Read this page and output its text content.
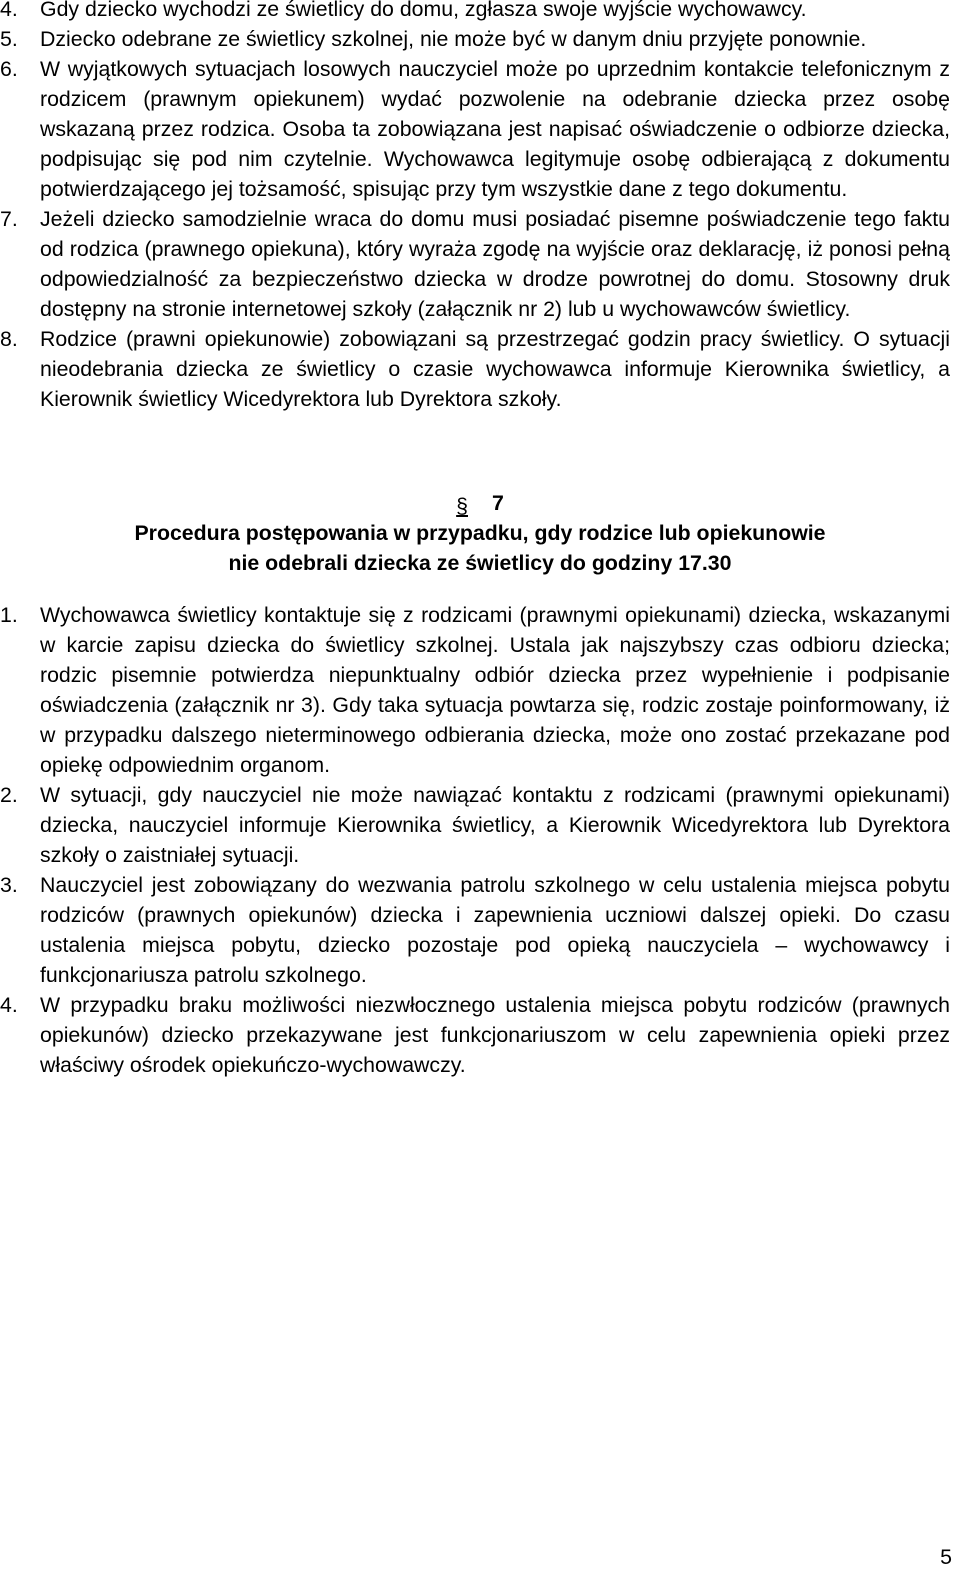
4.	Gdy dziecko wychodzi ze świetlicy do domu, zgłasza swoje wyjście wychowawcy.
5.	Dziecko odebrane ze świetlicy szkolnej, nie może być w danym dniu przyjęte ponownie.
6.	W wyjątkowych sytuacjach losowych nauczyciel może po uprzednim kontakcie telefonicznym z rodzicem (prawnym opiekunem) wydać pozwolenie na odebranie dziecka przez osobę wskazaną przez rodzica. Osoba ta zobowiązana jest napisać oświadczenie o odbiorze dziecka, podpisując się pod nim czytelnie. Wychowawca legitymuje osobę odbierającą z dokumentu potwierdzającego jej tożsamość, spisując przy tym wszystkie dane z tego dokumentu.
7.	Jeżeli dziecko samodzielnie wraca do domu musi posiadać pisemne poświadczenie tego faktu od rodzica (prawnego opiekuna), który wyraża zgodę na wyjście oraz deklarację, iż ponosi pełną odpowiedzialność za bezpieczeństwo dziecka w drodze powrotnej do domu. Stosowny druk dostępny na stronie internetowej szkoły (załącznik nr 2) lub u wychowawców świetlicy.
8.	Rodzice (prawni opiekunowie) zobowiązani są przestrzegać godzin pracy świetlicy. O sytuacji nieodebrania dziecka ze świetlicy o czasie wychowawca informuje Kierownika świetlicy, a Kierownik świetlicy Wicedyrektora lub Dyrektora szkoły.
§ 7
Procedura postępowania w przypadku, gdy rodzice lub opiekunowie
nie odebrali dziecka ze świetlicy do godziny 17.30
1.	Wychowawca świetlicy kontaktuje się z rodzicami (prawnymi opiekunami) dziecka, wskazanymi w karcie zapisu dziecka do świetlicy szkolnej. Ustala jak najszybszy czas odbioru dziecka; rodzic pisemnie potwierdza niepunktualny odbiór dziecka przez wypełnienie i podpisanie oświadczenia (załącznik nr 3). Gdy taka sytuacja powtarza się, rodzic zostaje poinformowany, iż w przypadku dalszego nieterminowego odbierania dziecka, może ono zostać przekazane pod opiekę odpowiednim organom.
2.	W sytuacji, gdy nauczyciel nie może nawiązać kontaktu z rodzicami (prawnymi opiekunami) dziecka, nauczyciel informuje Kierownika świetlicy, a Kierownik Wicedyrektora lub Dyrektora szkoły o zaistniałej sytuacji.
3.	Nauczyciel jest zobowiązany do wezwania patrolu szkolnego w celu ustalenia miejsca pobytu rodziców (prawnych opiekunów) dziecka i zapewnienia uczniowi dalszej opieki. Do czasu ustalenia miejsca pobytu, dziecko pozostaje pod opieką nauczyciela – wychowawcy i funkcjonariusza patrolu szkolnego.
4.	W przypadku braku możliwości niezwłocznego ustalenia miejsca pobytu rodziców (prawnych opiekunów) dziecko przekazywane jest funkcjonariuszom w celu zapewnienia opieki przez właściwy ośrodek opiekuńczo-wychowawczy.
5
